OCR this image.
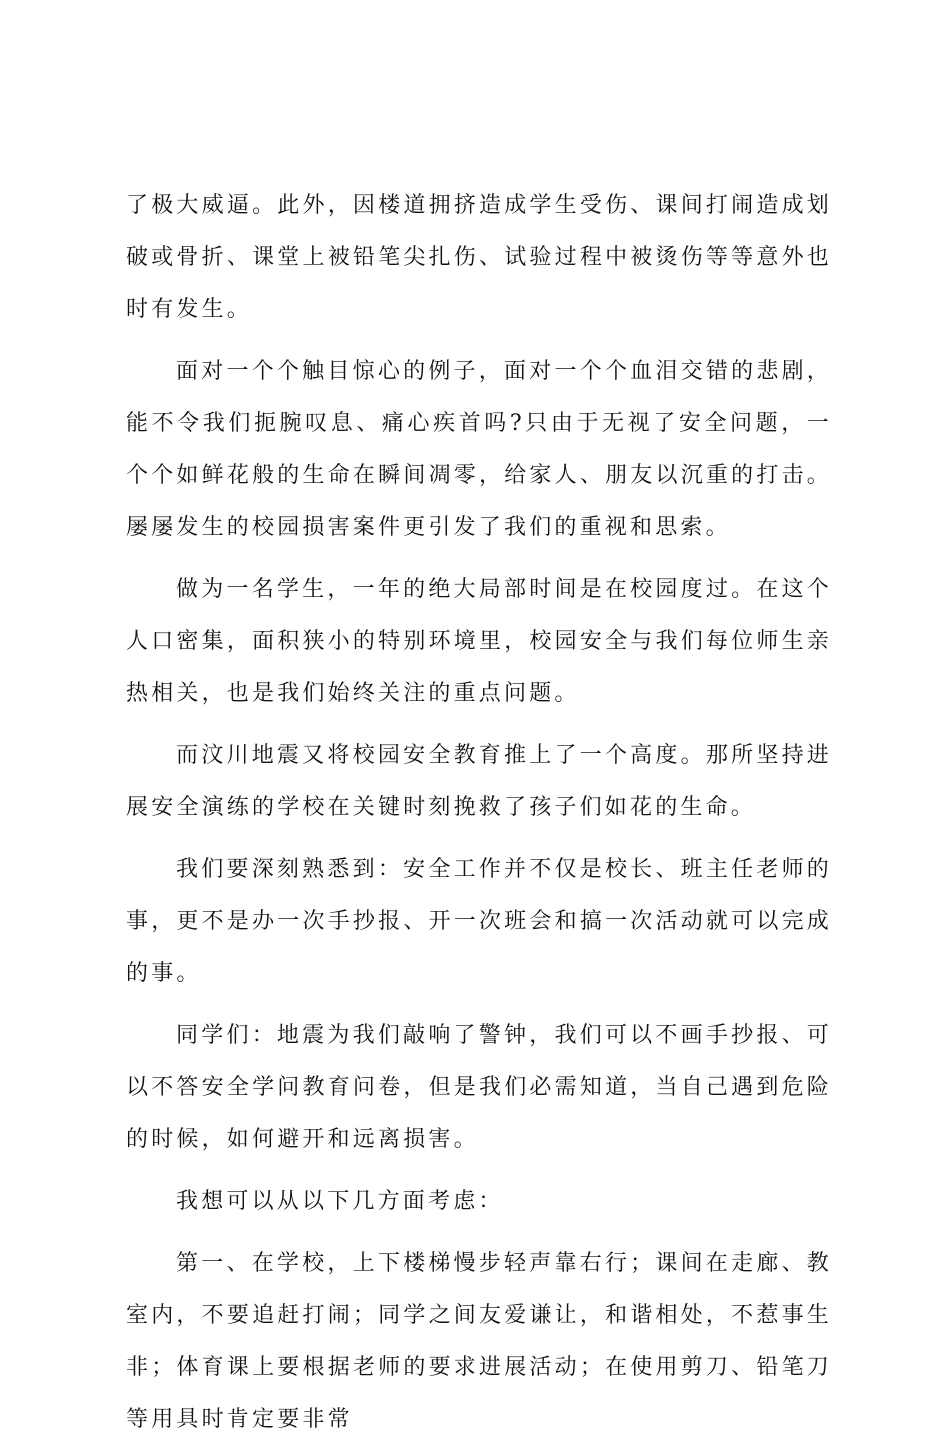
了极大威逼。此外，因楼道拥挤造成学生受伤、课间打闹造成划破或骨折、课堂上被铅笔尖扎伤、试验过程中被烫伤等等意外也时有发生。

面对一个个触目惊心的例子，面对一个个血泪交错的悲剧，能不令我们扼腕叹息、痛心疾首吗?只由于无视了安全问题，一个个如鲜花般的生命在瞬间凋零，给家人、朋友以沉重的打击。屡屡发生的校园损害案件更引发了我们的重视和思索。

做为一名学生，一年的绝大局部时间是在校园度过。在这个人口密集，面积狭小的特别环境里，校园安全与我们每位师生亲热相关，也是我们始终关注的重点问题。

而汶川地震又将校园安全教育推上了一个高度。那所坚持进展安全演练的学校在关键时刻挽救了孩子们如花的生命。

我们要深刻熟悉到：安全工作并不仅是校长、班主任老师的事，更不是办一次手抄报、开一次班会和搞一次活动就可以完成的事。

同学们：地震为我们敲响了警钟，我们可以不画手抄报、可以不答安全学问教育问卷，但是我们必需知道，当自己遇到危险的时候，如何避开和远离损害。

我想可以从以下几方面考虑：

第一、在学校，上下楼梯慢步轻声靠右行；课间在走廊、教室内，不要追赶打闹；同学之间友爱谦让，和谐相处，不惹事生非；体育课上要根据老师的要求进展活动；在使用剪刀、铅笔刀等用具时肯定要非常
